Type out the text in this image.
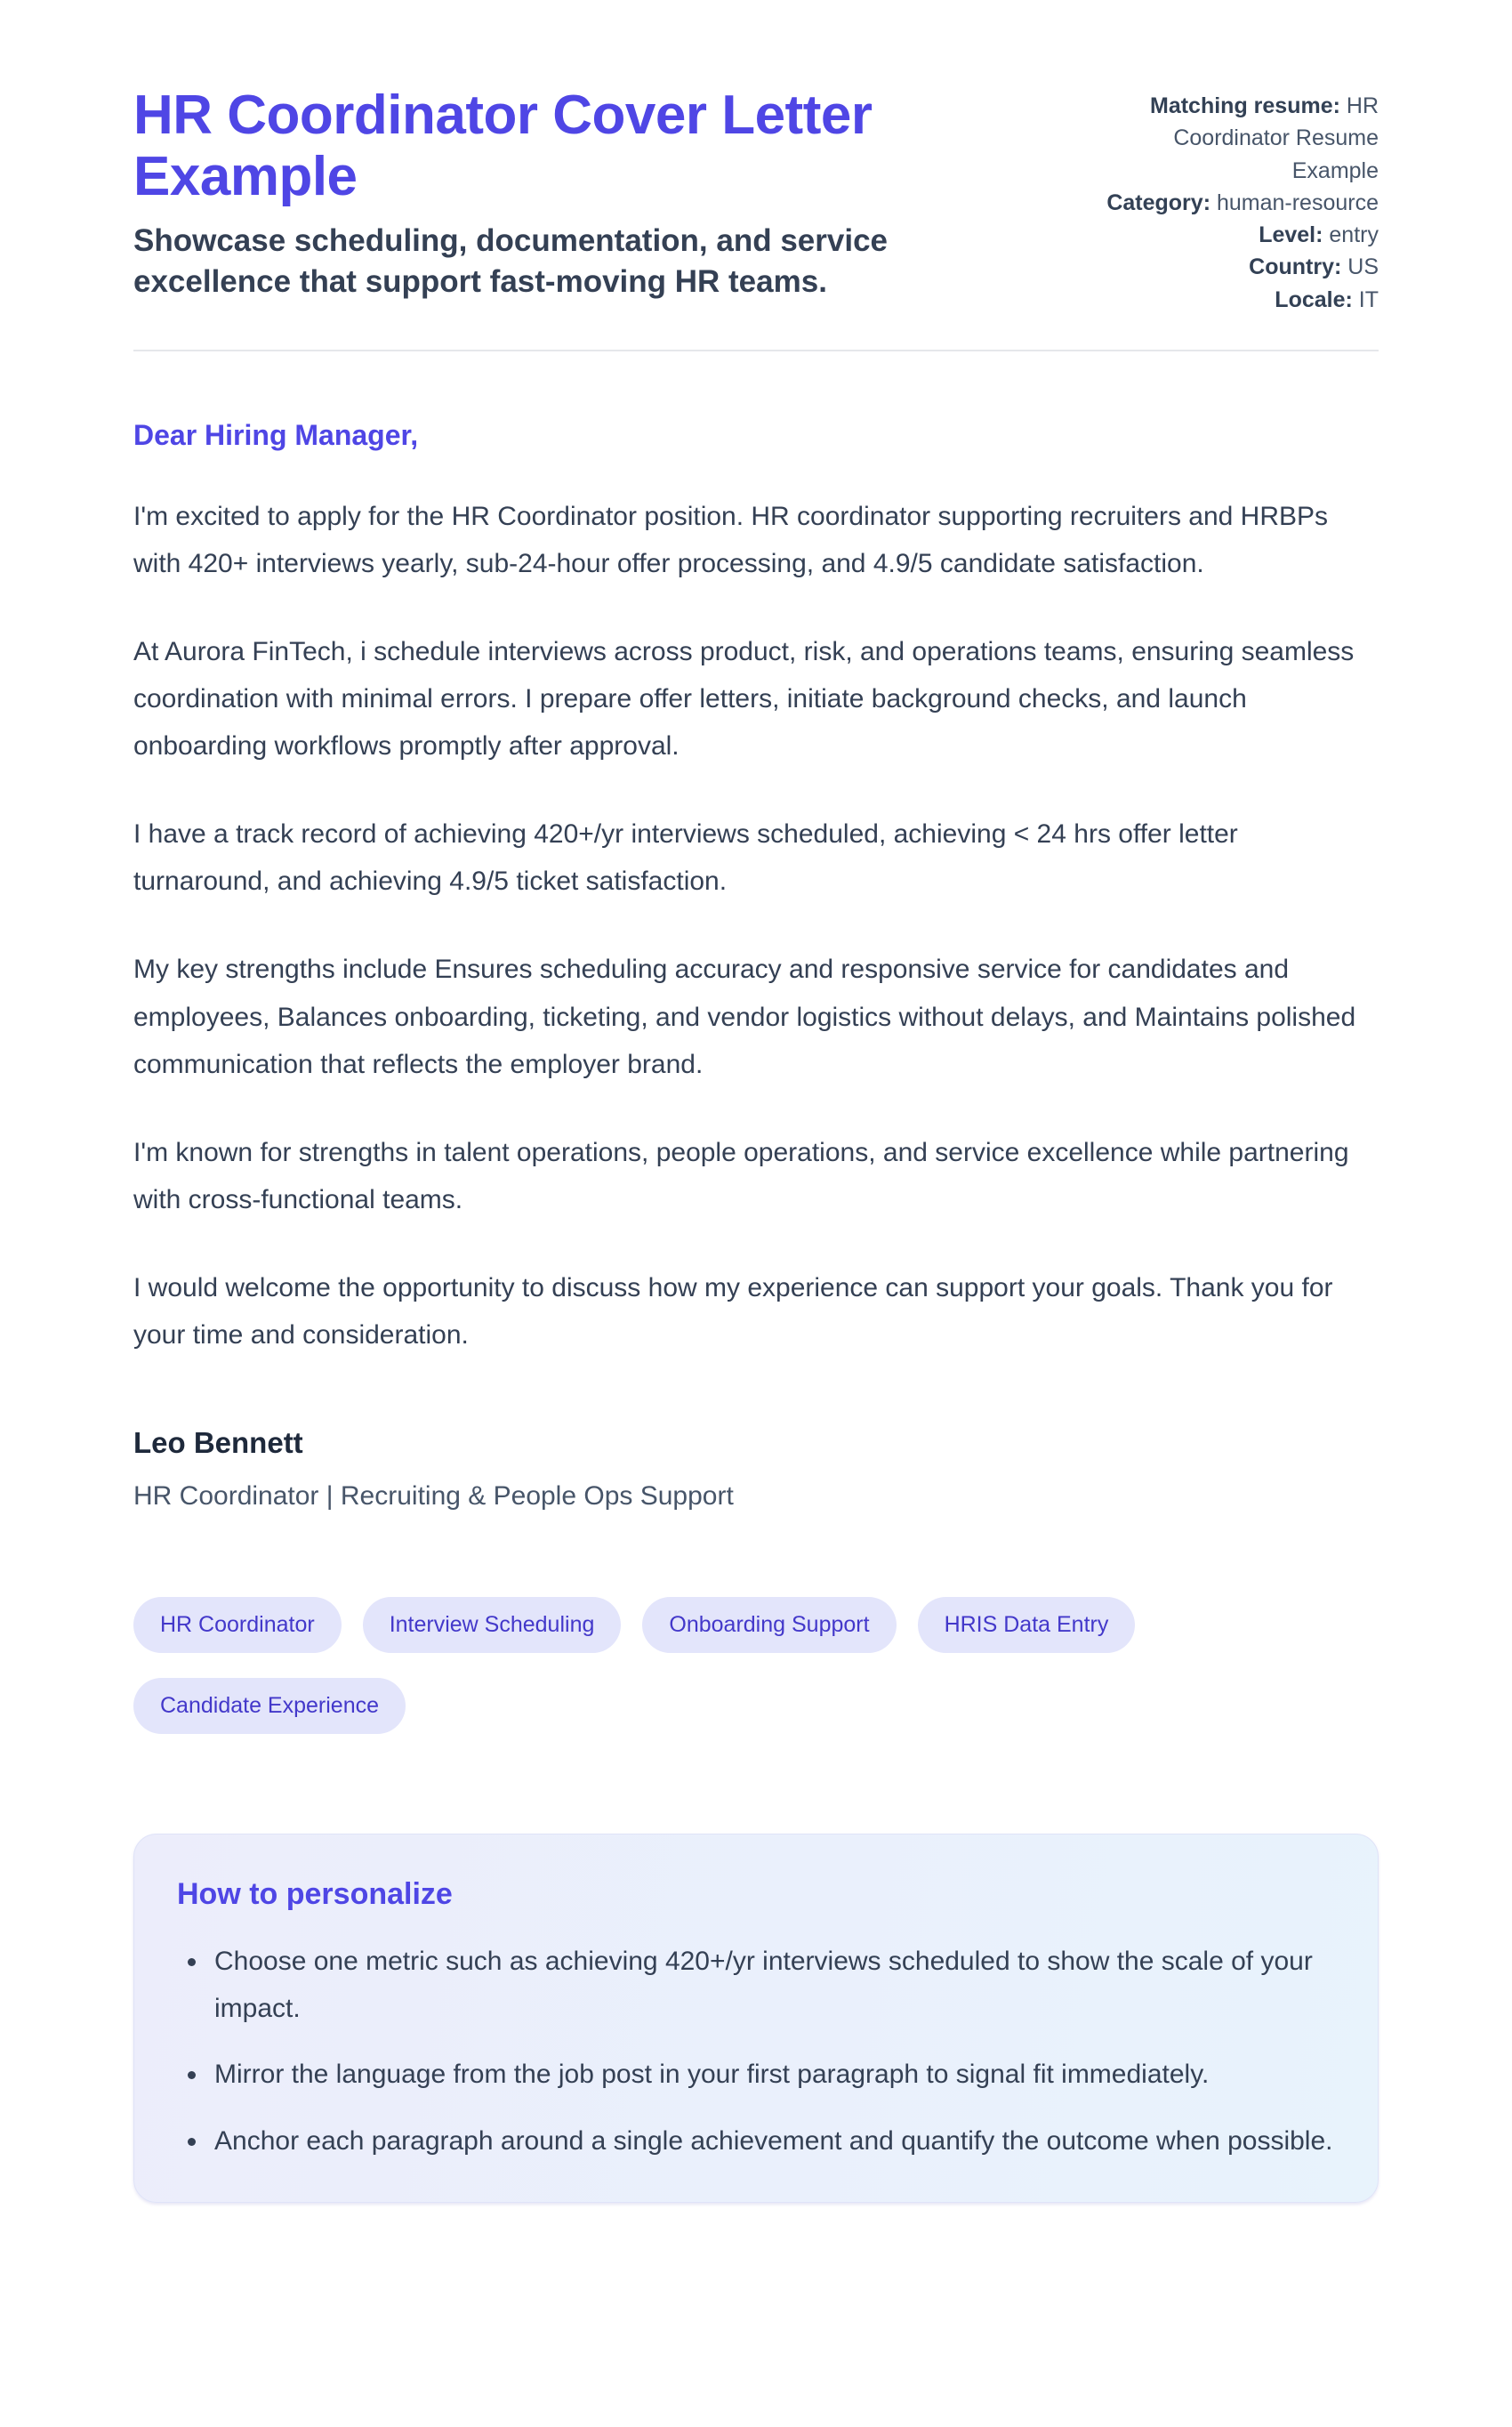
HR Coordinator Cover Letter Example

Showcase scheduling, documentation, and service excellence that support fast-moving HR teams.

Matching resume: HR Coordinator Resume Example
Category: human-resource
Level: entry
Country: US
Locale: IT

Dear Hiring Manager,

I'm excited to apply for the HR Coordinator position. HR coordinator supporting recruiters and HRBPs with 420+ interviews yearly, sub-24-hour offer processing, and 4.9/5 candidate satisfaction.

At Aurora FinTech, i schedule interviews across product, risk, and operations teams, ensuring seamless coordination with minimal errors. I prepare offer letters, initiate background checks, and launch onboarding workflows promptly after approval.

I have a track record of achieving 420+/yr interviews scheduled, achieving < 24 hrs offer letter turnaround, and achieving 4.9/5 ticket satisfaction.

My key strengths include Ensures scheduling accuracy and responsive service for candidates and employees, Balances onboarding, ticketing, and vendor logistics without delays, and Maintains polished communication that reflects the employer brand.

I'm known for strengths in talent operations, people operations, and service excellence while partnering with cross-functional teams.

I would welcome the opportunity to discuss how my experience can support your goals. Thank you for your time and consideration.

Leo Bennett

HR Coordinator | Recruiting & People Ops Support

HR Coordinator	Interview Scheduling	Onboarding Support	HRIS Data Entry
Candidate Experience
How to personalize
• Choose one metric such as achieving 420+/yr interviews scheduled to show the scale of your impact.
• Mirror the language from the job post in your first paragraph to signal fit immediately.
• Anchor each paragraph around a single achievement and quantify the outcome when possible.
